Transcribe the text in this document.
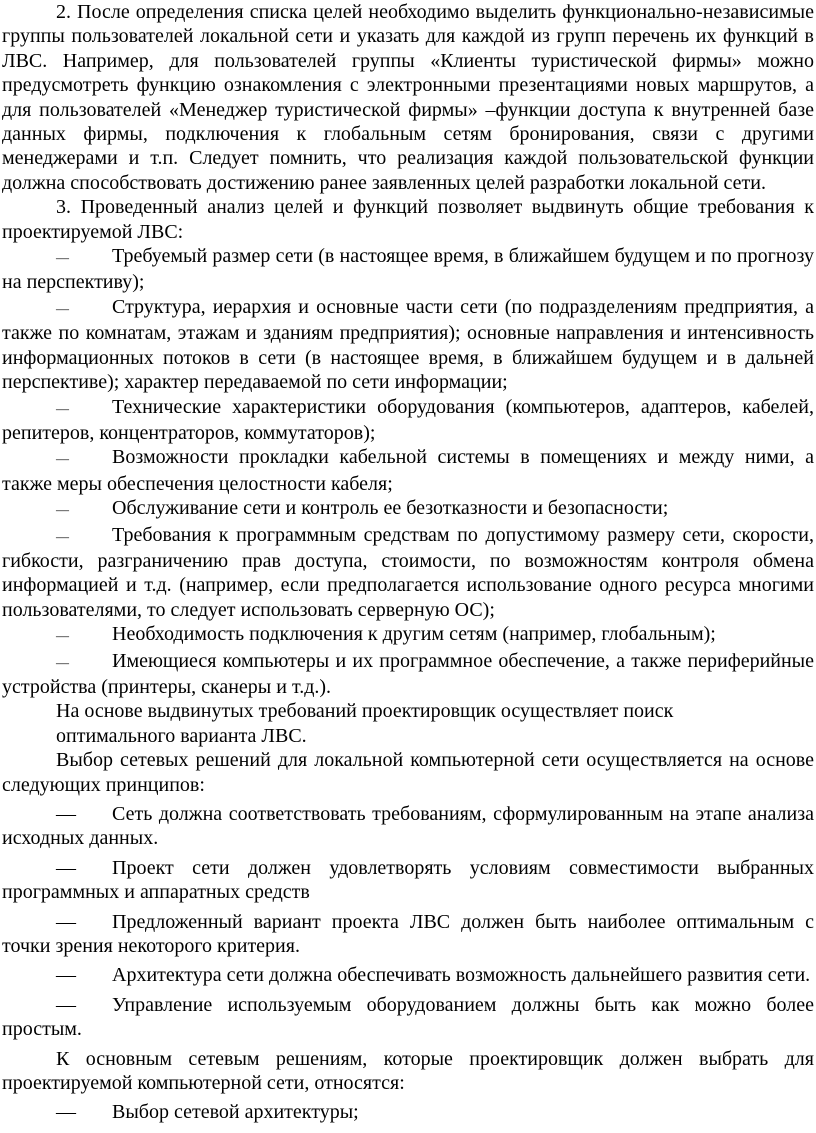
2. После определения списка целей необходимо выделить функционально-независимые группы пользователей локальной сети и указать для каждой из групп перечень их функций в ЛВС. Например, для пользователей группы «Клиенты туристической фирмы» можно предусмотреть функцию ознакомления с электронными презентациями новых маршрутов, а для пользователей «Менеджер туристической фирмы» –функции доступа к внутренней базе данных фирмы, подключения к глобальным сетям бронирования, связи с другими менеджерами и т.п. Следует помнить, что реализация каждой пользовательской функции должна способствовать достижению ранее заявленных целей разработки локальной сети.

3. Проведенный анализ целей и функций позволяет выдвинуть общие требования к проектируемой ЛВС:

— Требуемый размер сети (в настоящее время, в ближайшем будущем и по прогнозу на перспективу);

— Структура, иерархия и основные части сети (по подразделениям предприятия, а также по комнатам, этажам и зданиям предприятия); основные направления и интенсивность информационных потоков в сети (в настоящее время, в ближайшем будущем и в дальней перспективе); характер передаваемой по сети информации;

— Технические характеристики оборудования (компьютеров, адаптеров, кабелей, репитеров, концентраторов, коммутаторов);

— Возможности прокладки кабельной системы в помещениях и между ними, а также меры обеспечения целостности кабеля;

— Обслуживание сети и контроль ее безотказности и безопасности;

— Требования к программным средствам по допустимому размеру сети, скорости, гибкости, разграничению прав доступа, стоимости, по возможностям контроля обмена информацией и т.д. (например, если предполагается использование одного ресурса многими пользователями, то следует использовать серверную ОС);

— Необходимость подключения к другим сетям (например, глобальным);

— Имеющиеся компьютеры и их программное обеспечение, а также периферийные устройства (принтеры, сканеры и т.д.).

На основе выдвинутых требований проектировщик осуществляет поиск

оптимального варианта ЛВС.

Выбор сетевых решений для локальной компьютерной сети осуществляется на основе следующих принципов:

— Сеть должна соответствовать требованиям, сформулированным на этапе анализа исходных данных.

— Проект сети должен удовлетворять условиям совместимости выбранных программных и аппаратных средств

— Предложенный вариант проекта ЛВС должен быть наиболее оптимальным с точки зрения некоторого критерия.

— Архитектура сети должна обеспечивать возможность дальнейшего развития сети.

— Управление используемым оборудованием должны быть как можно более простым.

К основным сетевым решениям, которые проектировщик должен выбрать для проектируемой компьютерной сети, относятся:

— Выбор сетевой архитектуры;
